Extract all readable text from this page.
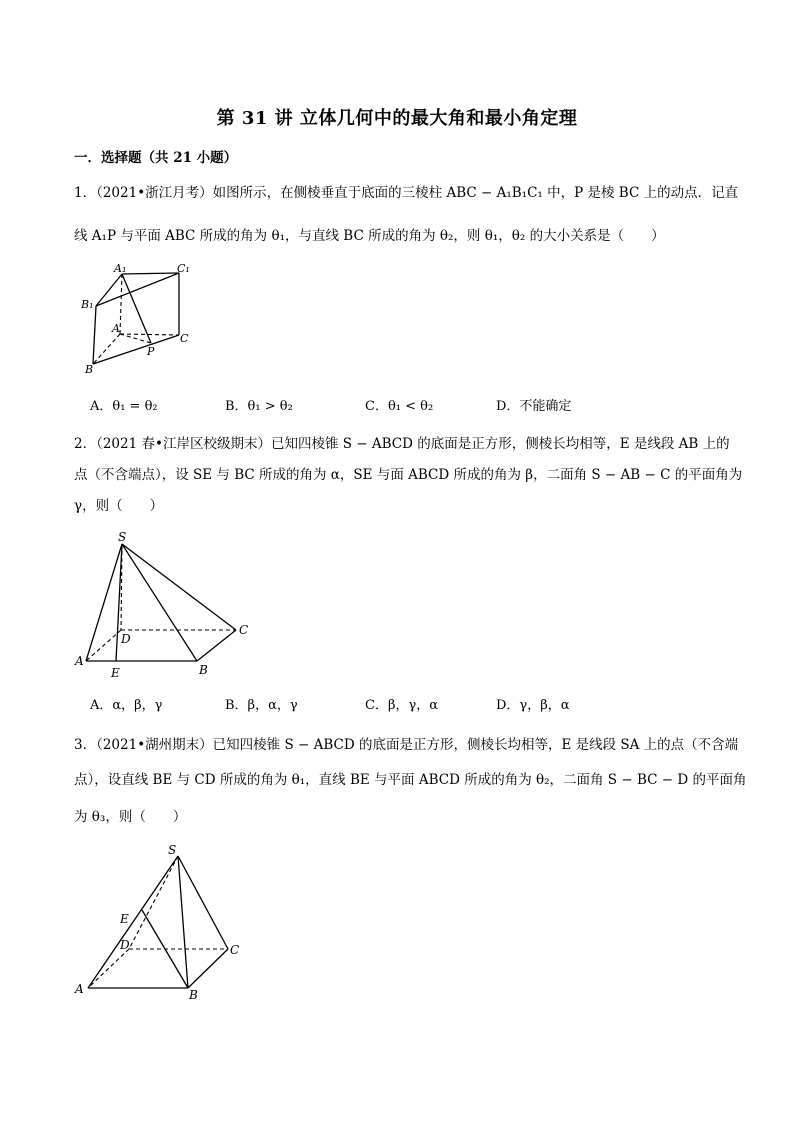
第 31 讲 立体几何中的最大角和最小角定理
一．选择题（共 21 小题）
1．（2021•浙江月考）如图所示，在侧棱垂直于底面的三棱柱 ABC − A₁B₁C₁ 中，P 是棱 BC 上的动点．记直
线 A₁P 与平面 ABC 所成的角为 θ₁，与直线 BC 所成的角为 θ₂，则 θ₁，θ₂ 的大小关系是（　　）
A₁	C₁
B₁
A
C
P
B
A．θ₁ = θ₂	B．θ₁ > θ₂	C．θ₁ < θ₂	D．不能确定
2．（2021 春•江岸区校级期末）已知四棱锥 S − ABCD 的底面是正方形，侧棱长均相等，E 是线段 AB 上的
点（不含端点），设 SE 与 BC 所成的角为 α，SE 与面 ABCD 所成的角为 β，二面角 S − AB − C 的平面角为
γ，则（　　）
S
D
C
A
E	B
A．α，β，γ	B．β，α，γ	C．β，γ，α	D．γ，β，α
3．（2021•湖州期末）已知四棱锥 S − ABCD 的底面是正方形，侧棱长均相等，E 是线段 SA 上的点（不含端
点），设直线 BE 与 CD 所成的角为 θ₁，直线 BE 与平面 ABCD 所成的角为 θ₂，二面角 S − BC − D 的平面角
为 θ₃，则（　　）
S
E
D	C
A	B
